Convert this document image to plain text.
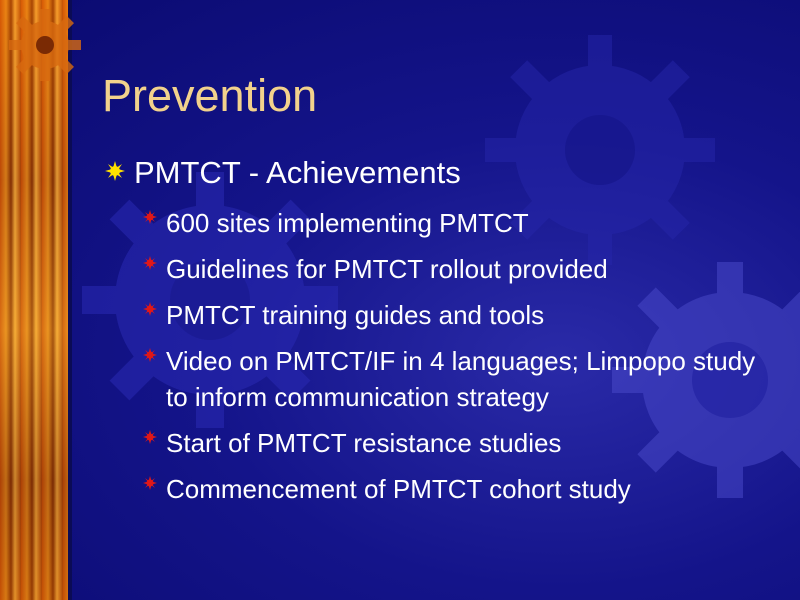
Prevention
PMTCT - Achievements
600 sites implementing PMTCT
Guidelines for PMTCT rollout provided
PMTCT training guides and tools
Video on PMTCT/IF in 4 languages; Limpopo study to inform communication strategy
Start of PMTCT resistance studies
Commencement of PMTCT cohort study
